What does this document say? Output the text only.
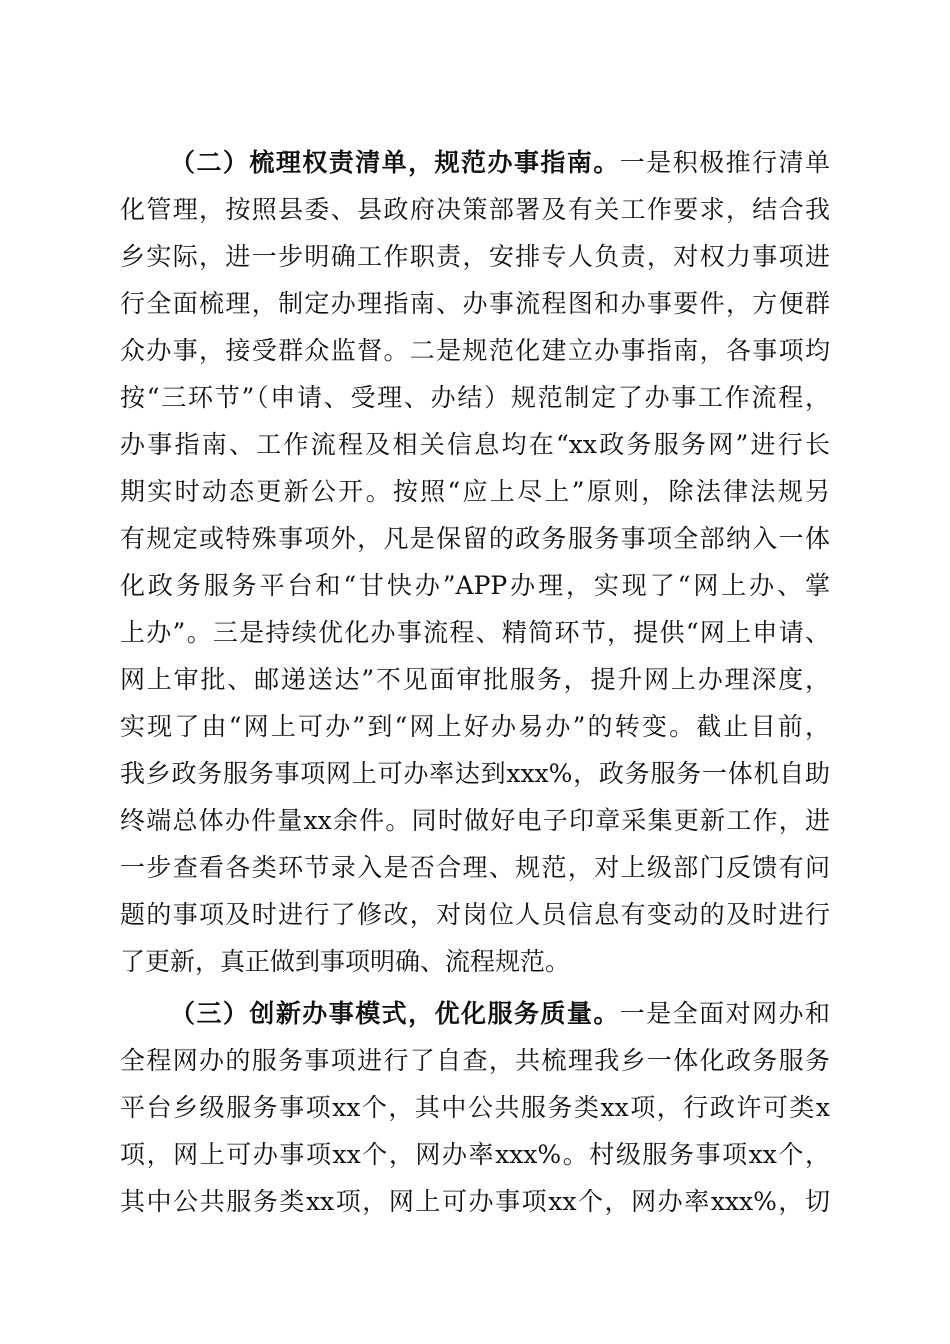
（二）梳理权责清单，规范办事指南。一是积极推行清单
化管理，按照县委、县政府决策部署及有关工作要求，结合我
乡实际，进一步明确工作职责，安排专人负责，对权力事项进
行全面梳理，制定办理指南、办事流程图和办事要件，方便群
众办事，接受群众监督。二是规范化建立办事指南，各事项均
按“三环节”（申请、受理、办结）规范制定了办事工作流程，
办事指南、工作流程及相关信息均在“xx政务服务网”进行长
期实时动态更新公开。按照“应上尽上”原则，除法律法规另
有规定或特殊事项外，凡是保留的政务服务事项全部纳入一体
化政务服务平台和“甘快办”APP办理，实现了“网上办、掌
上办”。三是持续优化办事流程、精简环节，提供“网上申请、
网上审批、邮递送达”不见面审批服务，提升网上办理深度，
实现了由“网上可办”到“网上好办易办”的转变。截止目前，
我乡政务服务事项网上可办率达到xxx%，政务服务一体机自助
终端总体办件量xx余件。同时做好电子印章采集更新工作，进
一步查看各类环节录入是否合理、规范，对上级部门反馈有问
题的事项及时进行了修改，对岗位人员信息有变动的及时进行
了更新，真正做到事项明确、流程规范。
（三）创新办事模式，优化服务质量。一是全面对网办和
全程网办的服务事项进行了自查，共梳理我乡一体化政务服务
平台乡级服务事项xx个，其中公共服务类xx项，行政许可类x
项，网上可办事项xx个，网办率xxx%。村级服务事项xx个，
其中公共服务类xx项，网上可办事项xx个，网办率xxx%，切
